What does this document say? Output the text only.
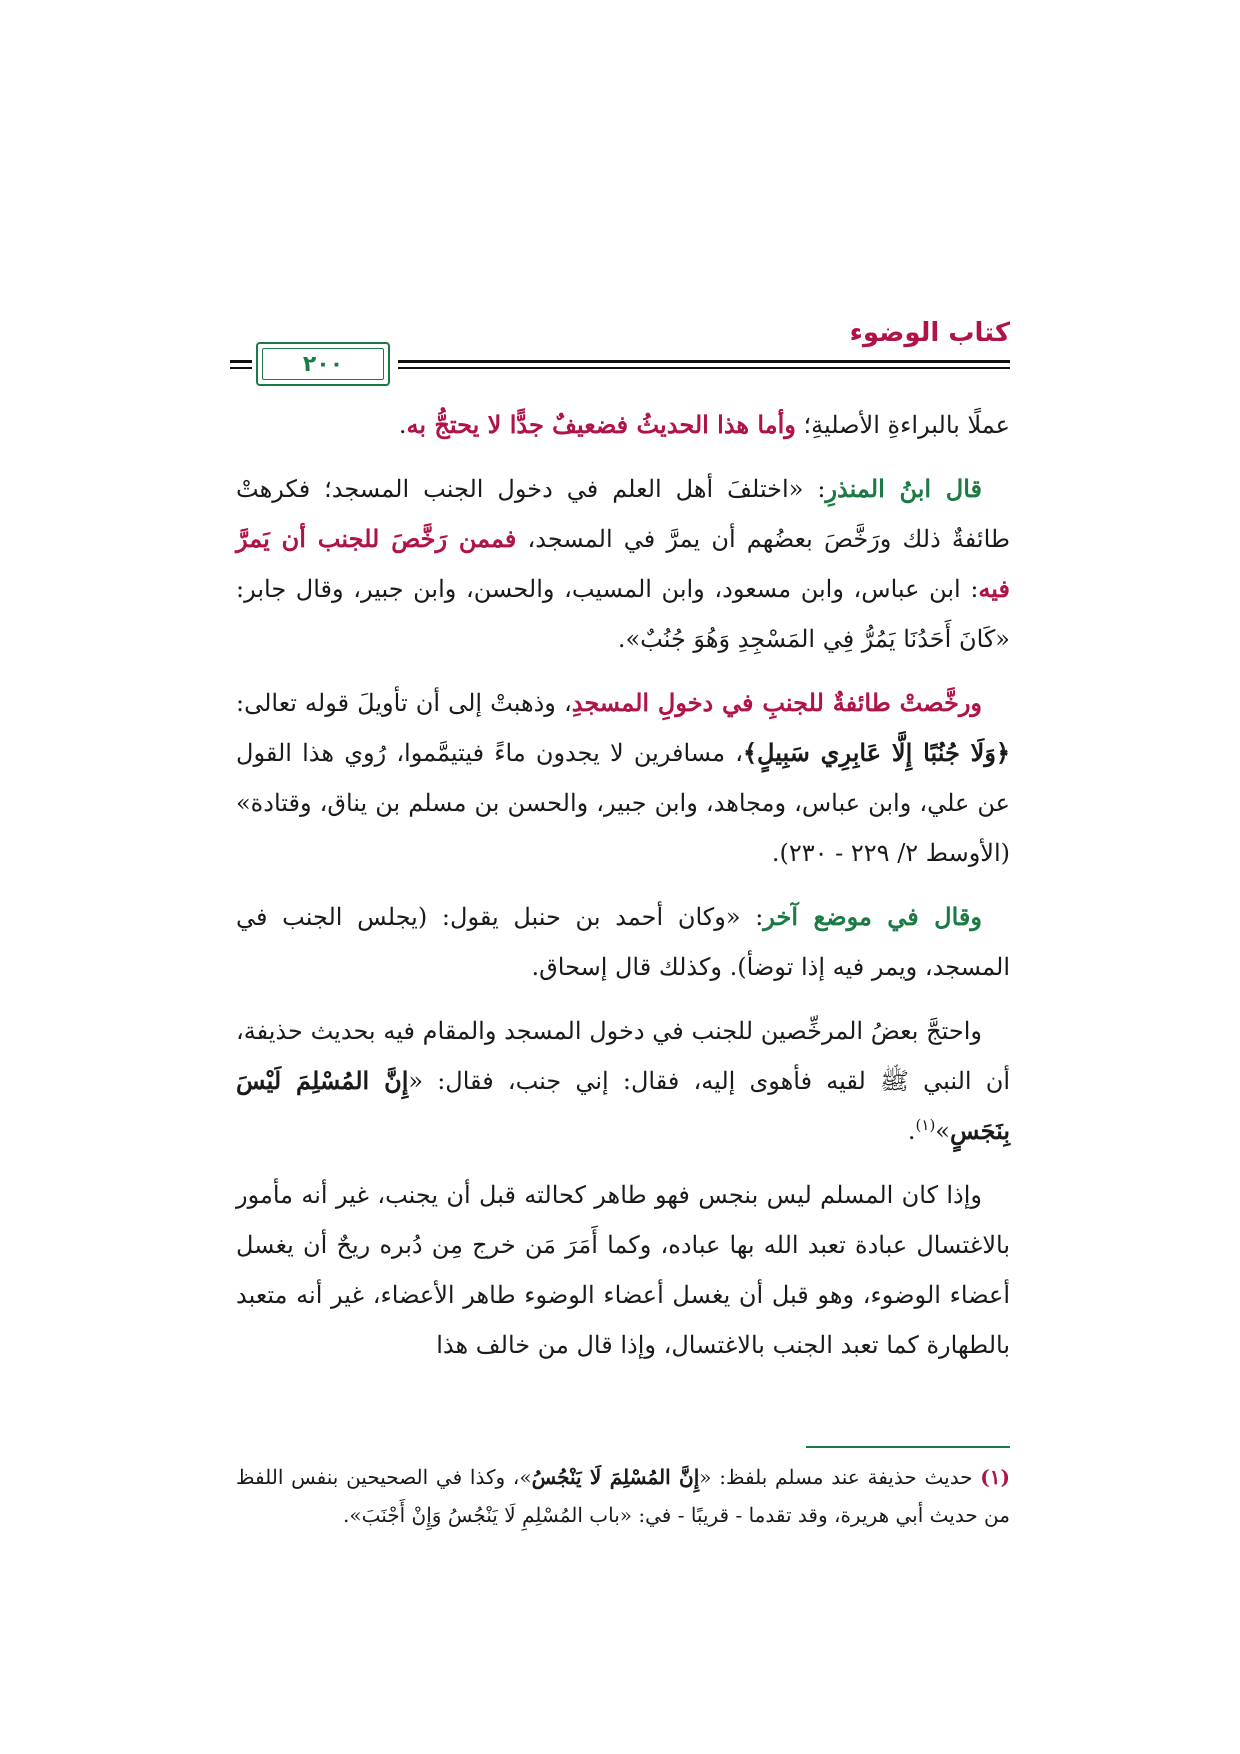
كتاب الوضوء
٢٠٠

عملًا بالبراءةِ الأصليةِ؛ وأما هذا الحديثُ فضعيفٌ جدًّا لا يحتجُّ به.

قال ابنُ المنذرِ: «اختلفَ أهل العلم في دخول الجنب المسجد؛ فكرهتْ طائفةٌ ذلك ورَخَّصَ بعضُهم أن يمرَّ في المسجد، فممن رَخَّصَ للجنب أن يَمرَّ فيه: ابن عباس، وابن مسعود، وابن المسيب، والحسن، وابن جبير، وقال جابر: «كَانَ أَحَدُنَا يَمُرُّ فِي المَسْجِدِ وَهُوَ جُنُبٌ».

ورخَّصتْ طائفةٌ للجنبِ في دخولِ المسجدِ، وذهبتْ إلى أن تأويلَ قوله تعالى: ﴿وَلَا جُنُبًا إِلَّا عَابِرِي سَبِيلٍ﴾، مسافرين لا يجدون ماءً فيتيمَّموا، رُوي هذا القول عن علي، وابن عباس، ومجاهد، وابن جبير، والحسن بن مسلم بن يناق، وقتادة» (الأوسط ٢/ ٢٢٩ - ٢٣٠).

وقال في موضع آخر: «وكان أحمد بن حنبل يقول: (يجلس الجنب في المسجد، ويمر فيه إذا توضأ). وكذلك قال إسحاق.

واحتجَّ بعضُ المرخِّصين للجنب في دخول المسجد والمقام فيه بحديث حذيفة، أن النبي ﷺ لقيه فأهوى إليه، فقال: إني جنب، فقال: «إِنَّ المُسْلِمَ لَيْسَ بِنَجَسٍ»$^{(١)}$.

وإذا كان المسلم ليس بنجس فهو طاهر كحالته قبل أن يجنب، غير أنه مأمور بالاغتسال عبادة تعبد الله بها عباده، وكما أَمَرَ مَن خرج مِن دُبره ريحٌ أن يغسل أعضاء الوضوء، وهو قبل أن يغسل أعضاء الوضوء طاهر الأعضاء، غير أنه متعبد بالطهارة كما تعبد الجنب بالاغتسال، وإذا قال من خالف هذا

(١) حديث حذيفة عند مسلم بلفظ: «إِنَّ المُسْلِمَ لَا يَنْجُسُ»، وكذا في الصحيحين بنفس اللفظ من حديث أبي هريرة، وقد تقدما - قريبًا - في: «باب المُسْلِمِ لَا يَنْجُسُ وَإِنْ أَجْنَبَ».
